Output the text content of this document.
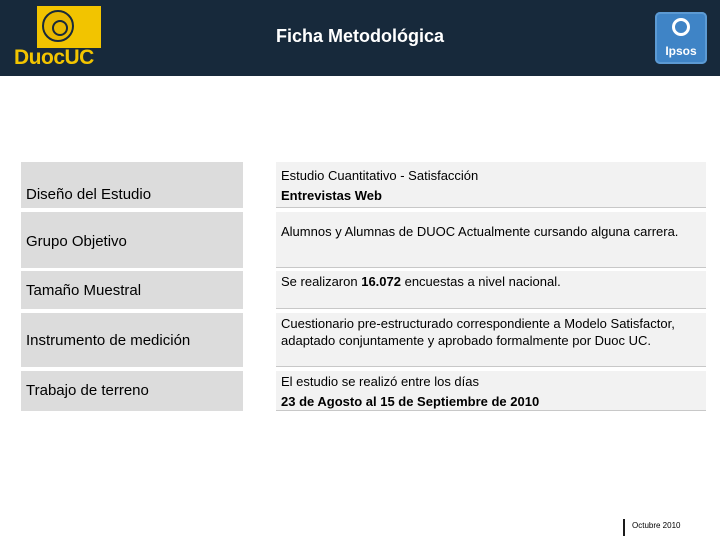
DuocUC
Ficha Metodológica
Ipsos
Diseño del Estudio
Estudio Cuantitativo - Satisfacción
Entrevistas Web
Grupo Objetivo
Alumnos y Alumnas de DUOC Actualmente cursando alguna carrera.
Tamaño Muestral
Se realizaron 16.072 encuestas a nivel nacional.
Instrumento de medición
Cuestionario pre-estructurado correspondiente a Modelo Satisfactor, adaptado conjuntamente y aprobado formalmente por Duoc UC.
Trabajo de terreno
El estudio se realizó entre los días
23 de Agosto al 15 de Septiembre de 2010
Octubre 2010
